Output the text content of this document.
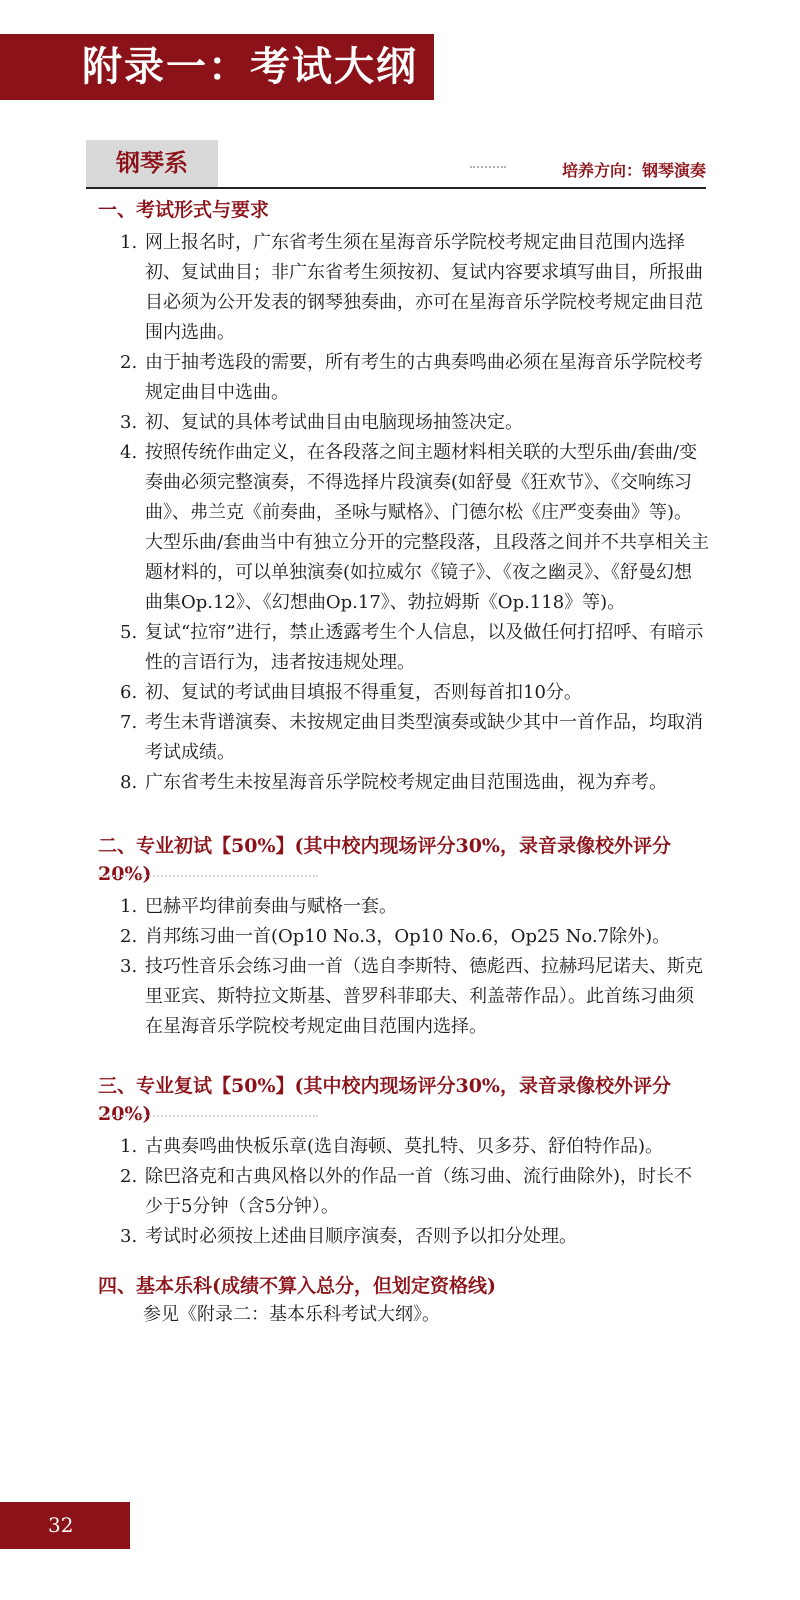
附录一：考试大纲
钢琴系	培养方向：钢琴演奏
一、考试形式与要求
1. 网上报名时，广东省考生须在星海音乐学院校考规定曲目范围内选择初、复试曲目；非广东省考生须按初、复试内容要求填写曲目，所报曲目必须为公开发表的钢琴独奏曲，亦可在星海音乐学院校考规定曲目范围内选曲。
2. 由于抽考选段的需要，所有考生的古典奏鸣曲必须在星海音乐学院校考规定曲目中选曲。
3. 初、复试的具体考试曲目由电脑现场抽签决定。
4. 按照传统作曲定义，在各段落之间主题材料相关联的大型乐曲/套曲/变奏曲必须完整演奏，不得选择片段演奏(如舒曼《狂欢节》、《交响练习曲》、弗兰克《前奏曲，圣咏与赋格》、门德尔松《庄严变奏曲》等)。大型乐曲/套曲当中有独立分开的完整段落，且段落之间并不共享相关主题材料的，可以单独演奏(如拉威尔《镜子》、《夜之幽灵》、《舒曼幻想曲集Op.12》、《幻想曲Op.17》、勃拉姆斯《Op.118》等)。
5. 复试“拉帘”进行，禁止透露考生个人信息，以及做任何打招呼、有暗示性的言语行为，违者按违规处理。
6. 初、复试的考试曲目填报不得重复，否则每首扣10分。
7. 考生未背谱演奏、未按规定曲目类型演奏或缺少其中一首作品，均取消考试成绩。
8. 广东省考生未按星海音乐学院校考规定曲目范围选曲，视为弃考。
二、专业初试【50%】(其中校内现场评分30%，录音录像校外评分20%)
1. 巴赫平均律前奏曲与赋格一套。
2. 肖邦练习曲一首(Op10 No.3，Op10 No.6，Op25 No.7除外)。
3. 技巧性音乐会练习曲一首（选自李斯特、德彪西、拉赫玛尼诺夫、斯克里亚宾、斯特拉文斯基、普罗科菲耶夫、利盖蒂作品）。此首练习曲须在星海音乐学院校考规定曲目范围内选择。
三、专业复试【50%】(其中校内现场评分30%，录音录像校外评分20%)
1. 古典奏鸣曲快板乐章(选自海顿、莫扎特、贝多芬、舒伯特作品)。
2. 除巴洛克和古典风格以外的作品一首（练习曲、流行曲除外)，时长不少于5分钟（含5分钟）。
3. 考试时必须按上述曲目顺序演奏，否则予以扣分处理。
四、基本乐科(成绩不算入总分，但划定资格线)
参见《附录二：基本乐科考试大纲》。
32
